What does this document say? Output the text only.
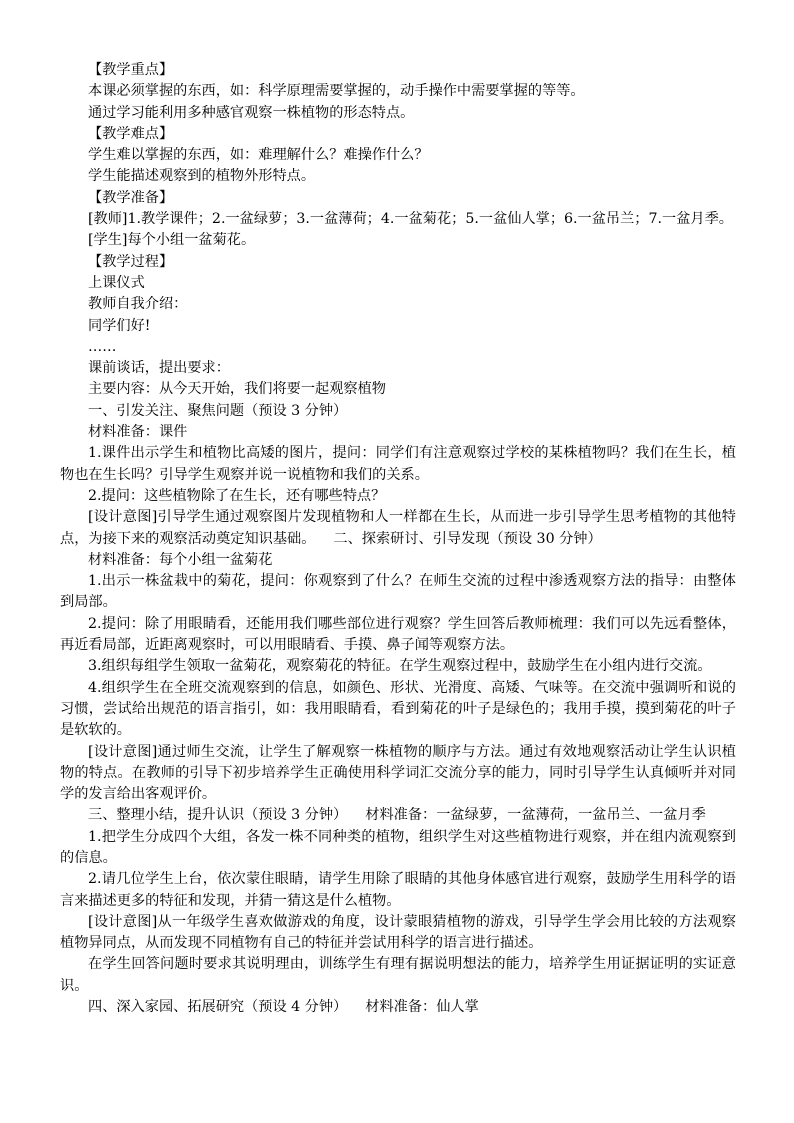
【教学重点】

本课必须掌握的东西，如：科学原理需要掌握的，动手操作中需要掌握的等等。

通过学习能利用多种感官观察一株植物的形态特点。

【教学难点】

学生难以掌握的东西，如：难理解什么？难操作什么？

学生能描述观察到的植物外形特点。

【教学准备】

[教师]1.教学课件；2.一盆绿萝；3.一盆薄荷；4.一盆菊花；5.一盆仙人掌；6.一盆吊兰；7.一盆月季。

[学生]每个小组一盆菊花。

【教学过程】

上课仪式

教师自我介绍：

同学们好!

……

课前谈话，提出要求：

主要内容：从今天开始，我们将要一起观察植物

一、引发关注、聚焦问题（预设 3 分钟）

材料准备：课件

1.课件出示学生和植物比高矮的图片，提问：同学们有注意观察过学校的某株植物吗？我们在生长，植物也在生长吗？引导学生观察并说一说植物和我们的关系。

2.提问：这些植物除了在生长，还有哪些特点？

[设计意图]引导学生通过观察图片发现植物和人一样都在生长，从而进一步引导学生思考植物的其他特点，为接下来的观察活动奠定知识基础。    二、探索研讨、引导发现（预设 30 分钟）

材料准备：每个小组一盆菊花

1.出示一株盆栽中的菊花，提问：你观察到了什么？在师生交流的过程中渗透观察方法的指导：由整体到局部。

2.提问：除了用眼睛看，还能用我们哪些部位进行观察？学生回答后教师梳理：我们可以先远看整体，再近看局部，近距离观察时，可以用眼睛看、手摸、鼻子闻等观察方法。

3.组织每组学生领取一盆菊花，观察菊花的特征。在学生观察过程中，鼓励学生在小组内进行交流。

4.组织学生在全班交流观察到的信息，如颜色、形状、光滑度、高矮、气味等。在交流中强调听和说的习惯，尝试给出规范的语言指引，如：我用眼睛看，看到菊花的叶子是绿色的；我用手摸，摸到菊花的叶子是软软的。

[设计意图]通过师生交流，让学生了解观察一株植物的顺序与方法。通过有效地观察活动让学生认识植物的特点。在教师的引导下初步培养学生正确使用科学词汇交流分享的能力，同时引导学生认真倾听并对同学的发言给出客观评价。

三、整理小结，提升认识（预设 3 分钟）    材料准备：一盆绿萝，一盆薄荷，一盆吊兰、一盆月季

1.把学生分成四个大组，各发一株不同种类的植物，组织学生对这些植物进行观察，并在组内流观察到的信息。

2.请几位学生上台，依次蒙住眼睛，请学生用除了眼睛的其他身体感官进行观察，鼓励学生用科学的语言来描述更多的特征和发现，并猜一猜这是什么植物。

[设计意图]从一年级学生喜欢做游戏的角度，设计蒙眼猜植物的游戏，引导学生学会用比较的方法观察植物异同点，从而发现不同植物有自己的特征并尝试用科学的语言进行描述。

在学生回答问题时要求其说明理由，训练学生有理有据说明想法的能力，培养学生用证据证明的实证意识。

四、深入家园、拓展研究（预设 4 分钟）    材料准备：仙人掌
